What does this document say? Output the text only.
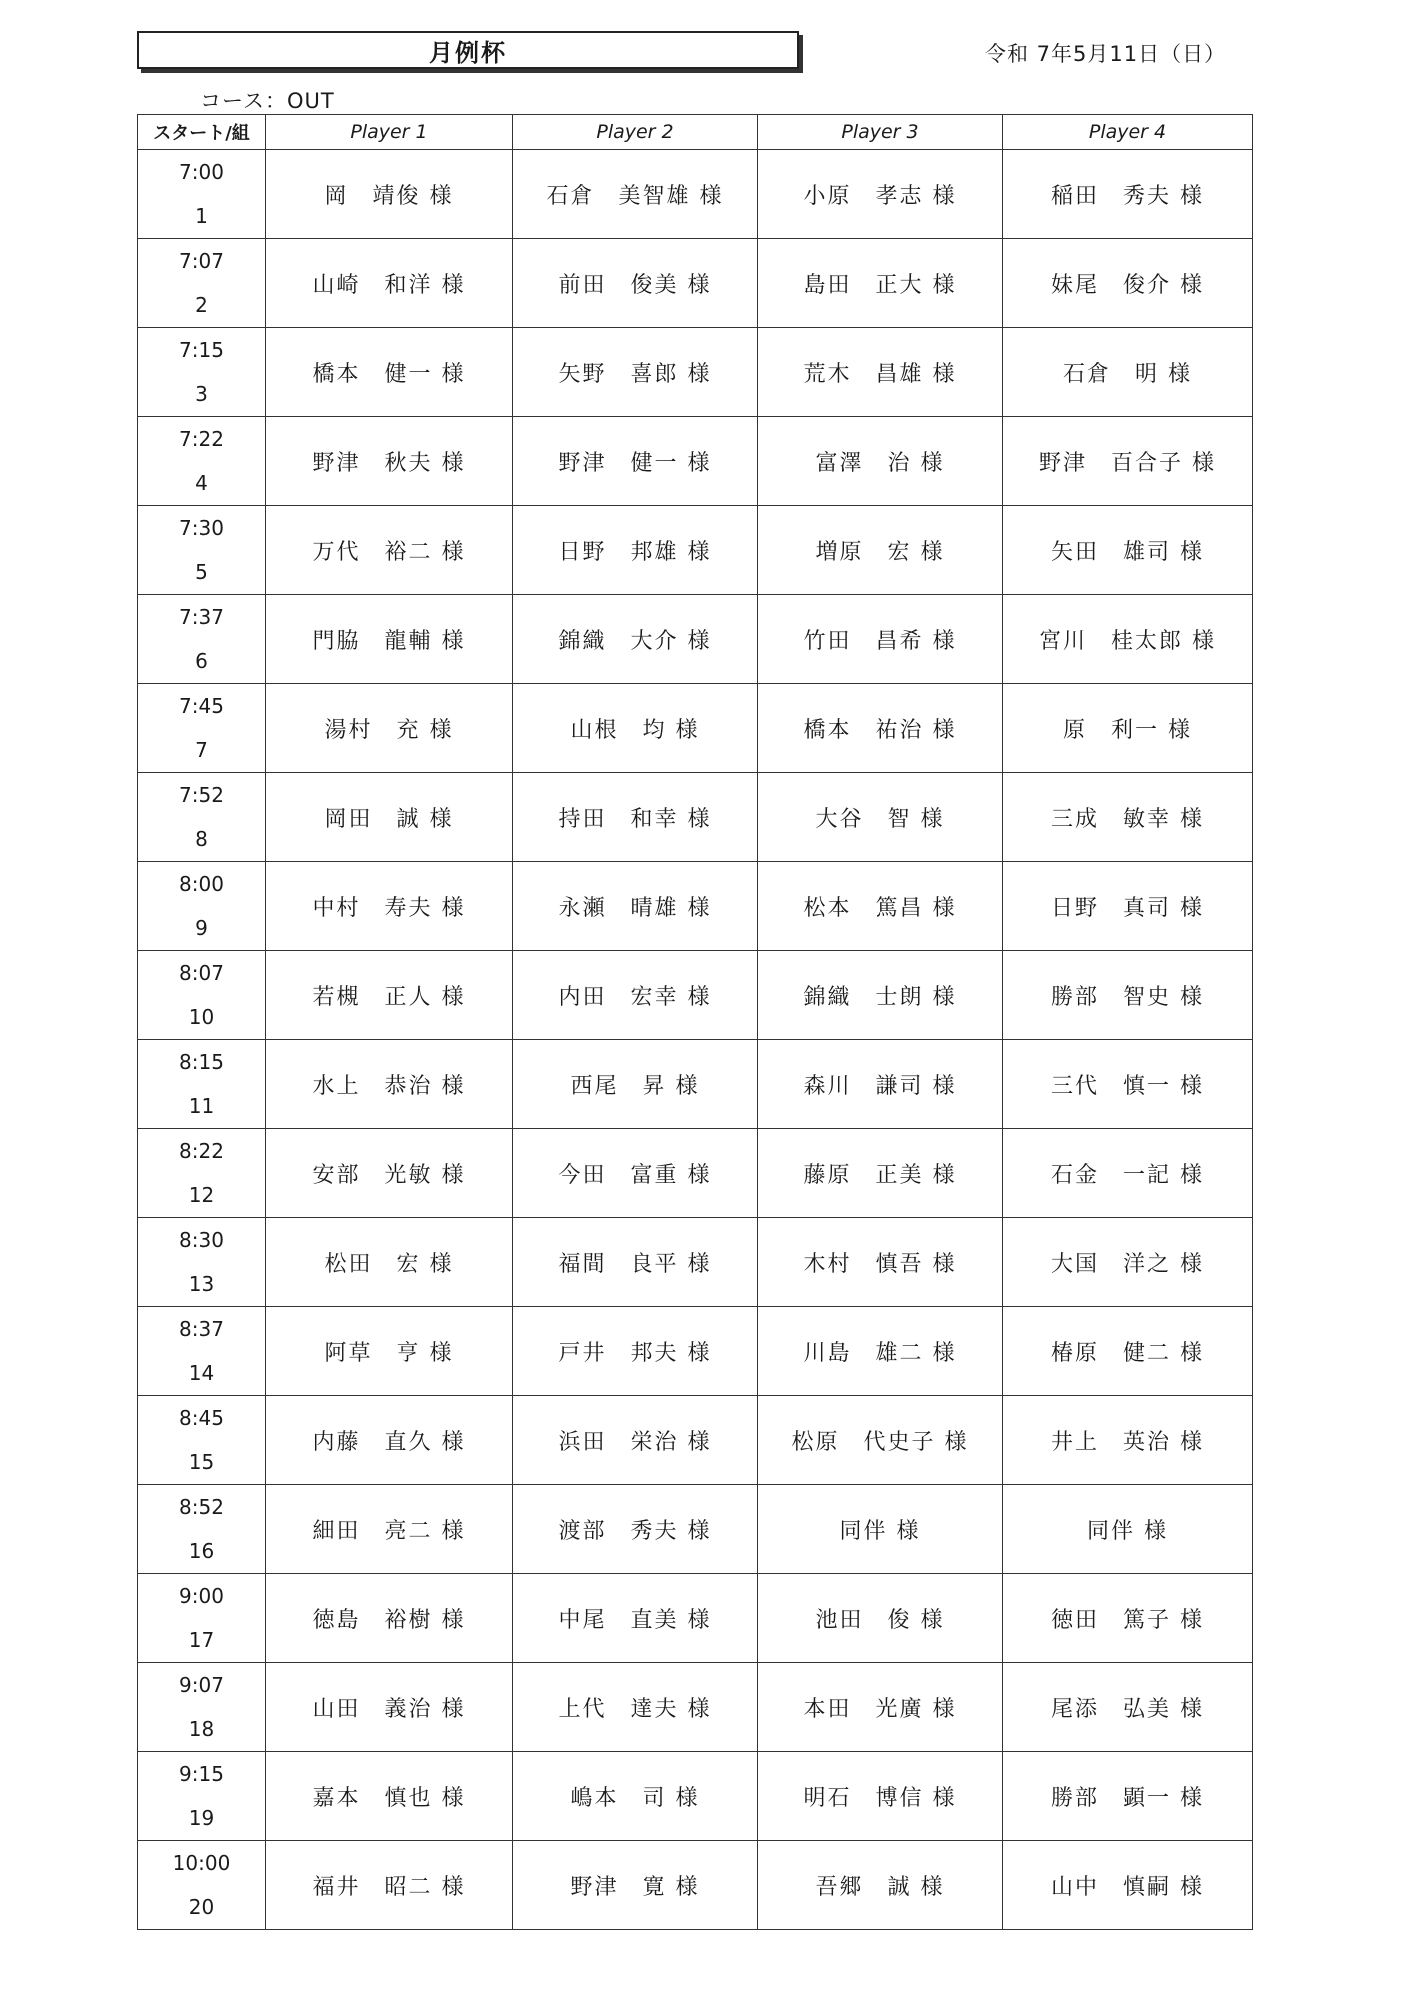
月例杯	令和 7年5月11日（日）
コース：OUT
スタート/組	Player 1	Player 2	Player 3	Player 4

7:00
1	岡　靖俊 様	石倉　美智雄 様	小原　孝志 様	稲田　秀夫 様

7:07
2	山崎　和洋 様	前田　俊美 様	島田　正大 様	妹尾　俊介 様

7:15
3	橋本　健一 様	矢野　喜郎 様	荒木　昌雄 様	石倉　明 様

7:22
4	野津　秋夫 様	野津　健一 様	富澤　治 様	野津　百合子 様

7:30
5	万代　裕二 様	日野　邦雄 様	増原　宏 様	矢田　雄司 様

7:37
6	門脇　龍輔 様	錦織　大介 様	竹田　昌希 様	宮川　桂太郎 様

7:45
7	湯村　充 様	山根　均 様	橋本　祐治 様	原　利一 様

7:52
8	岡田　誠 様	持田　和幸 様	大谷　智 様	三成　敏幸 様

8:00
9	中村　寿夫 様	永瀬　晴雄 様	松本　篤昌 様	日野　真司 様

8:07
10	若槻　正人 様	内田　宏幸 様	錦織　士朗 様	勝部　智史 様

8:15
11	水上　恭治 様	西尾　昇 様	森川　謙司 様	三代　慎一 様

8:22
12	安部　光敏 様	今田　富重 様	藤原　正美 様	石金　一記 様

8:30
13	松田　宏 様	福間　良平 様	木村　慎吾 様	大国　洋之 様

8:37
14	阿草　亨 様	戸井　邦夫 様	川島　雄二 様	椿原　健二 様

8:45
15	内藤　直久 様	浜田　栄治 様	松原　代史子 様	井上　英治 様

8:52
16	細田　亮二 様	渡部　秀夫 様	同伴 様	同伴 様

9:00
17	徳島　裕樹 様	中尾　直美 様	池田　俊 様	徳田　篤子 様

9:07
18	山田　義治 様	上代　達夫 様	本田　光廣 様	尾添　弘美 様

9:15
19	嘉本　慎也 様	嶋本　司 様	明石　博信 様	勝部　顕一 様

10:00
20	福井　昭二 様	野津　寛 様	吾郷　誠 様	山中　慎嗣 様
